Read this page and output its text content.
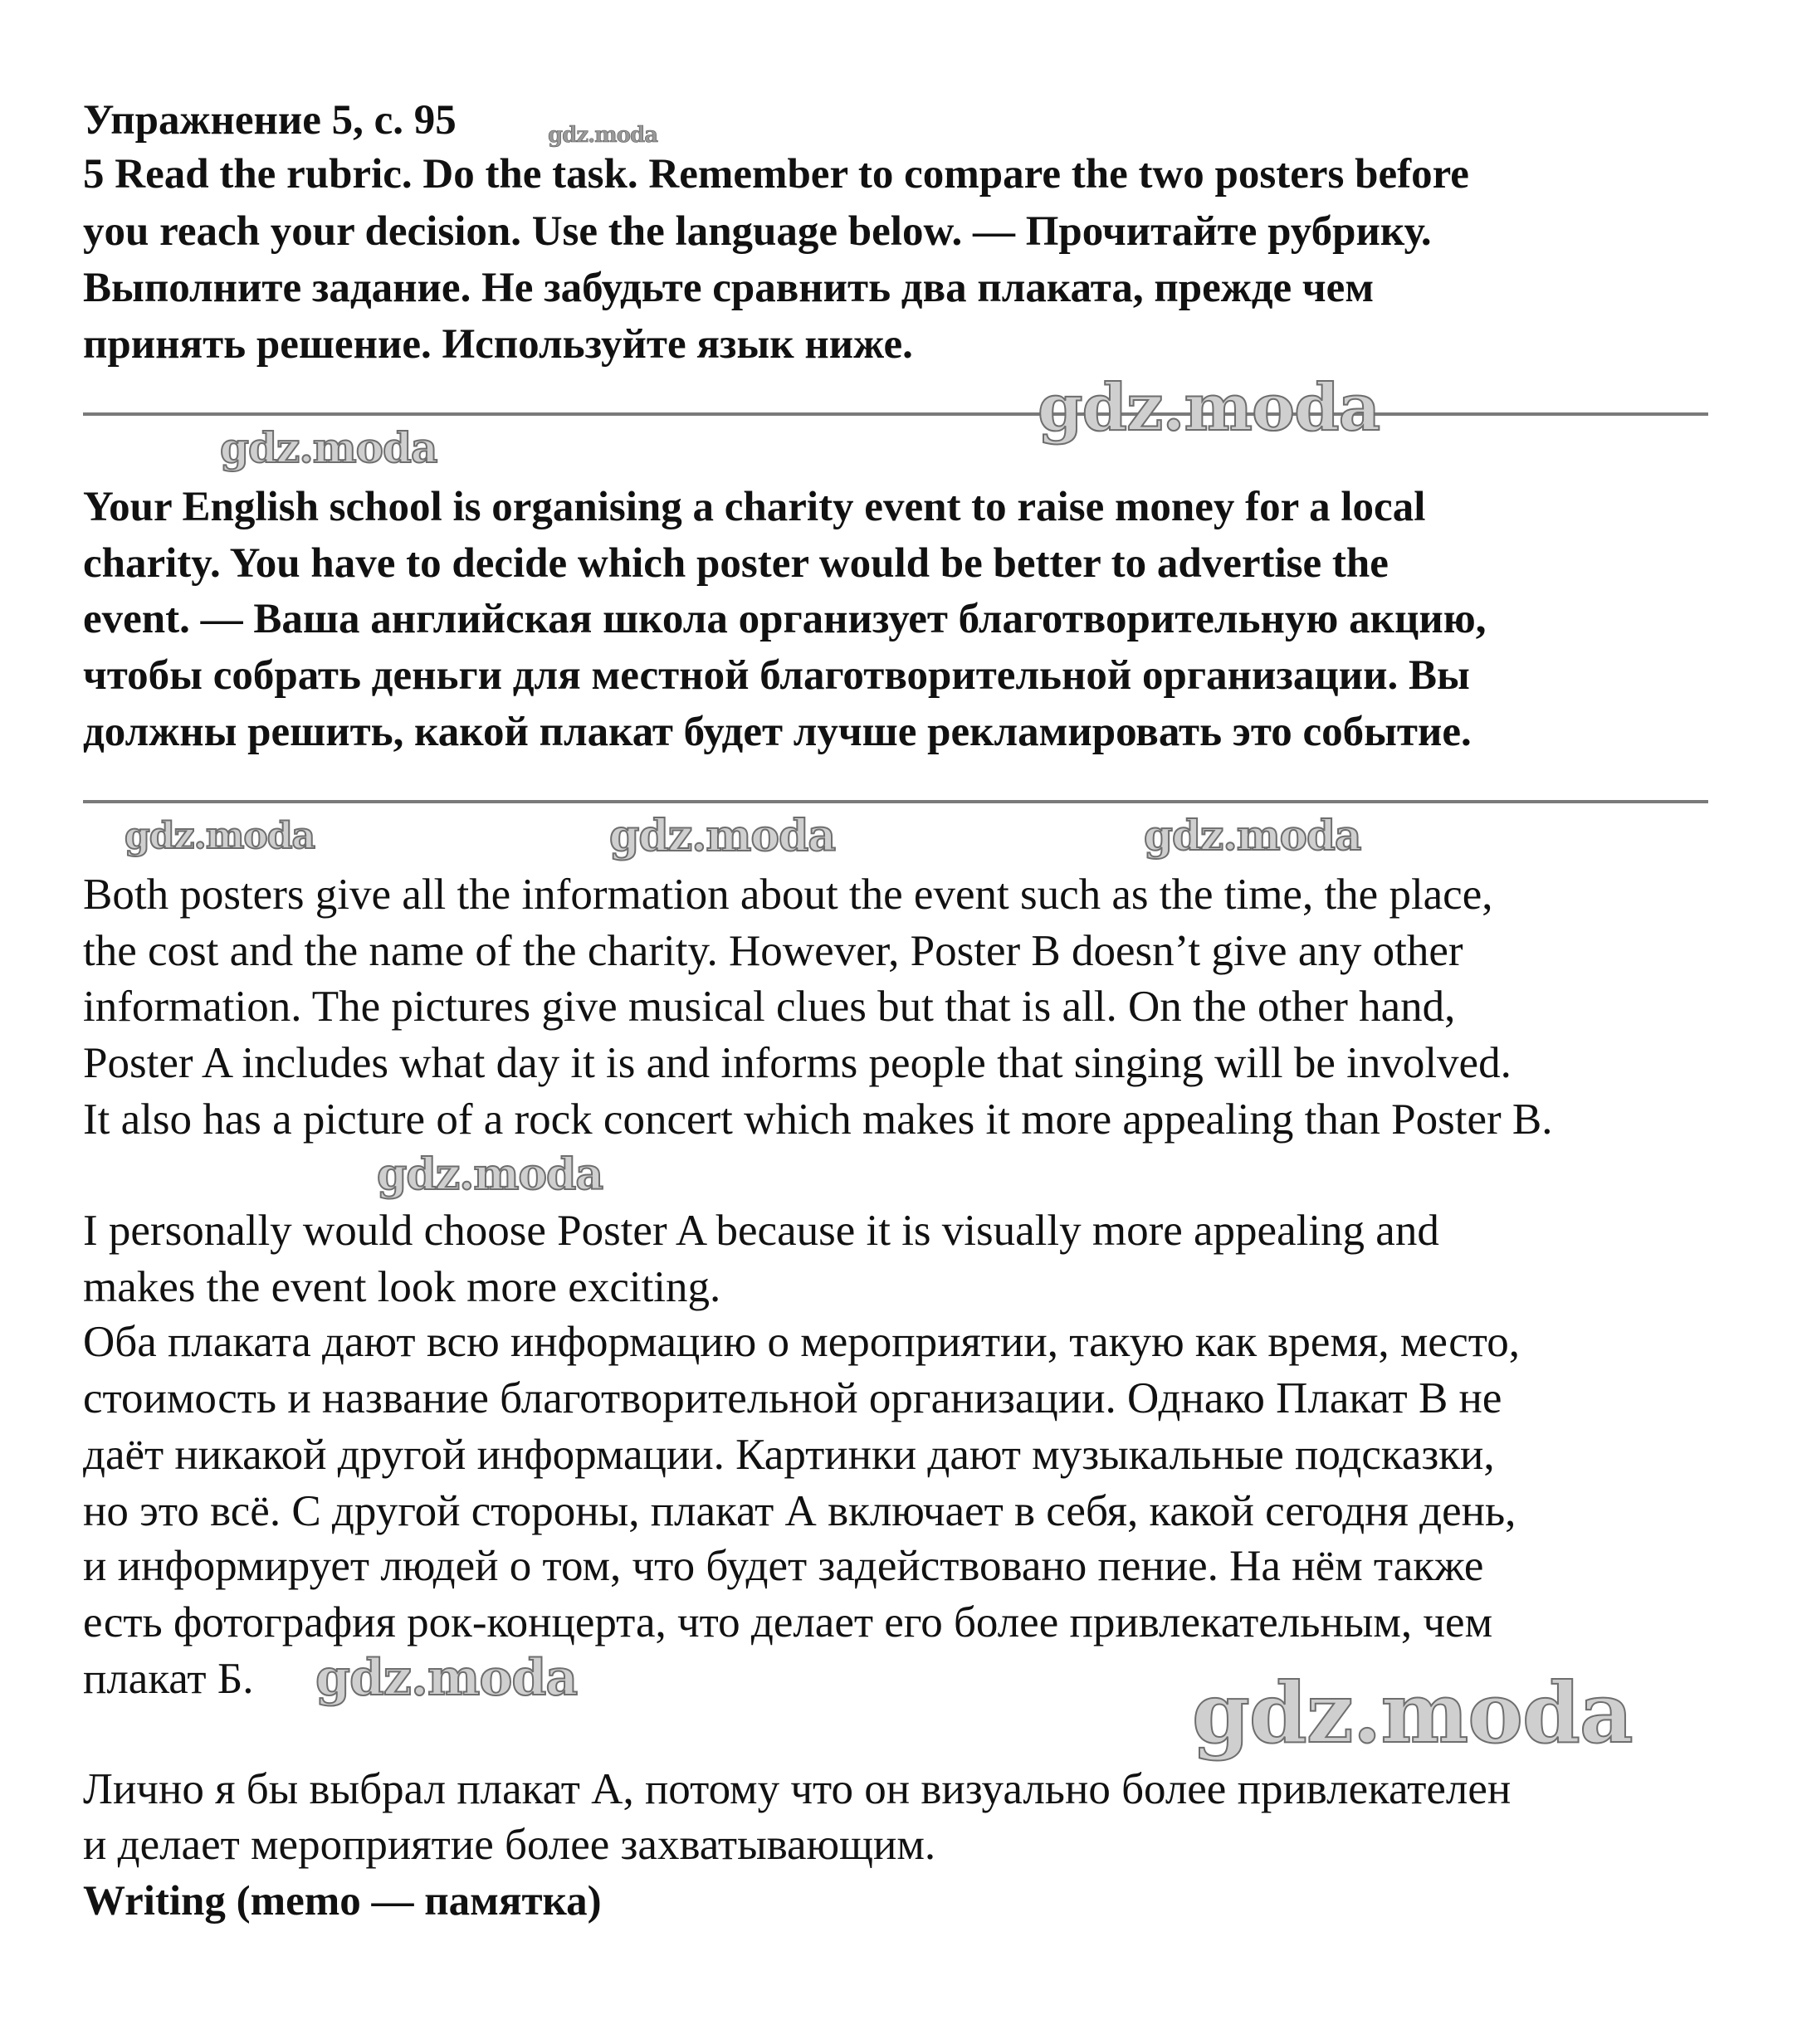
Упражнение 5, с. 95
5 Read the rubric. Do the task. Remember to compare the two posters before
you reach your decision. Use the language below. — Прочитайте рубрику.
Выполните задание. Не забудьте сравнить два плаката, прежде чем
принять решение. Используйте язык ниже.
Your English school is organising a charity event to raise money for a local
charity. You have to decide which poster would be better to advertise the
event. — Ваша английская школа организует благотворительную акцию,
чтобы собрать деньги для местной благотворительной организации. Вы
должны решить, какой плакат будет лучше рекламировать это событие.
Both posters give all the information about the event such as the time, the place,
the cost and the name of the charity. However, Poster B doesn’t give any other
information. The pictures give musical clues but that is all. On the other hand,
Poster A includes what day it is and informs people that singing will be involved.
It also has a picture of a rock concert which makes it more appealing than Poster B.
I personally would choose Poster A because it is visually more appealing and
makes the event look more exciting.
Оба плаката дают всю информацию о мероприятии, такую как время, место,
стоимость и название благотворительной организации. Однако Плакат В не
даёт никакой другой информации. Картинки дают музыкальные подсказки,
но это всё. С другой стороны, плакат А включает в себя, какой сегодня день,
и информирует людей о том, что будет задействовано пение. На нём также
есть фотография рок-концерта, что делает его более привлекательным, чем
плакат Б.
Лично я бы выбрал плакат А, потому что он визуально более привлекателен
и делает мероприятие более захватывающим.
Writing (memo — памятка)
gdz.moda
gdz.moda
gdz.moda
gdz.moda	gdz.moda	gdz.moda
gdz.moda
gdz.moda	gdz.moda
